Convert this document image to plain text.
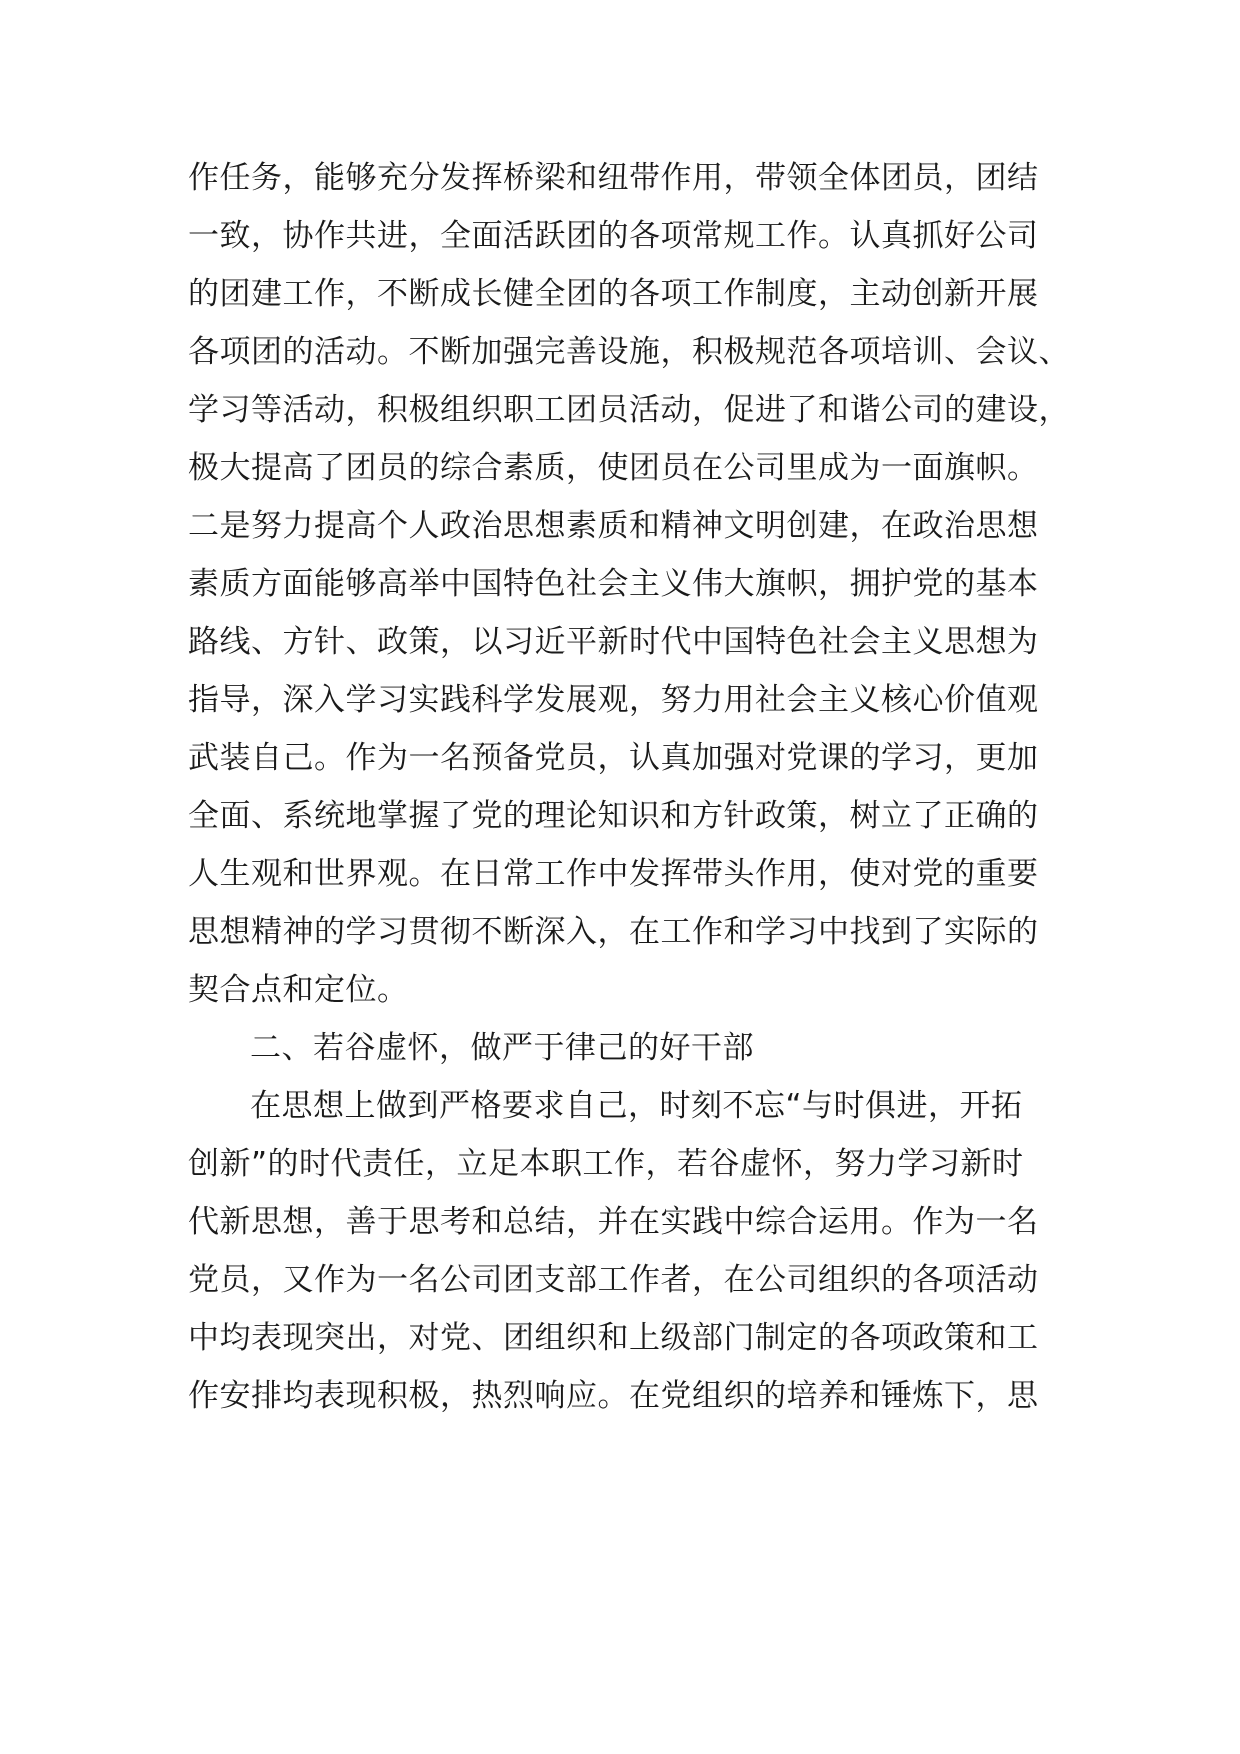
作任务，能够充分发挥桥梁和纽带作用，带领全体团员，团结
一致，协作共进，全面活跃团的各项常规工作。认真抓好公司
的团建工作，不断成长健全团的各项工作制度，主动创新开展
各项团的活动。不断加强完善设施，积极规范各项培训、会议、
学习等活动，积极组织职工团员活动，促进了和谐公司的建设，
极大提高了团员的综合素质，使团员在公司里成为一面旗帜。
二是努力提高个人政治思想素质和精神文明创建，在政治思想
素质方面能够高举中国特色社会主义伟大旗帜，拥护党的基本
路线、方针、政策，以习近平新时代中国特色社会主义思想为
指导，深入学习实践科学发展观，努力用社会主义核心价值观
武装自己。作为一名预备党员，认真加强对党课的学习，更加
全面、系统地掌握了党的理论知识和方针政策，树立了正确的
人生观和世界观。在日常工作中发挥带头作用，使对党的重要
思想精神的学习贯彻不断深入，在工作和学习中找到了实际的
契合点和定位。
二、若谷虚怀，做严于律己的好干部
在思想上做到严格要求自己，时刻不忘“与时俱进，开拓
创新”的时代责任，立足本职工作，若谷虚怀，努力学习新时
代新思想，善于思考和总结，并在实践中综合运用。作为一名
党员，又作为一名公司团支部工作者，在公司组织的各项活动
中均表现突出，对党、团组织和上级部门制定的各项政策和工
作安排均表现积极，热烈响应。在党组织的培养和锤炼下，思
